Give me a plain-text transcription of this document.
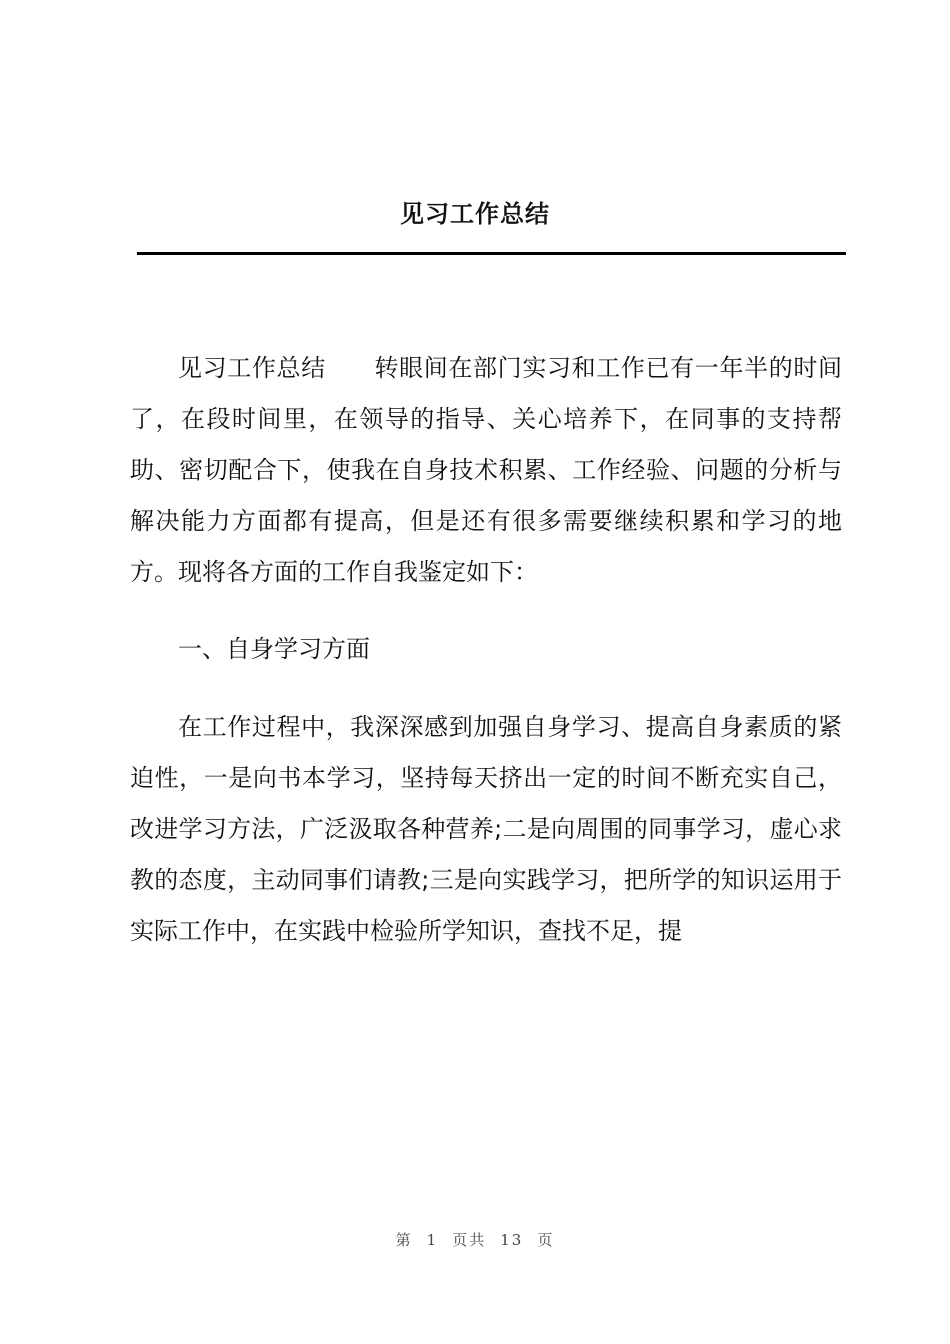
见习工作总结

见习工作总结 转眼间在部门实习和工作已有一年半的时间了，在段时间里，在领导的指导、关心培养下，在同事的支持帮助、密切配合下，使我在自身技术积累、工作经验、问题的分析与解决能力方面都有提高，但是还有很多需要继续积累和学习的地方。现将各方面的工作自我鉴定如下：

一、自身学习方面

在工作过程中，我深深感到加强自身学习、提高自身素质的紧迫性，一是向书本学习，坚持每天挤出一定的时间不断充实自己，改进学习方法，广泛汲取各种营养;二是向周围的同事学习，虚心求教的态度，主动同事们请教;三是向实践学习，把所学的知识运用于实际工作中，在实践中检验所学知识，查找不足，提

第 1 页共 13 页
